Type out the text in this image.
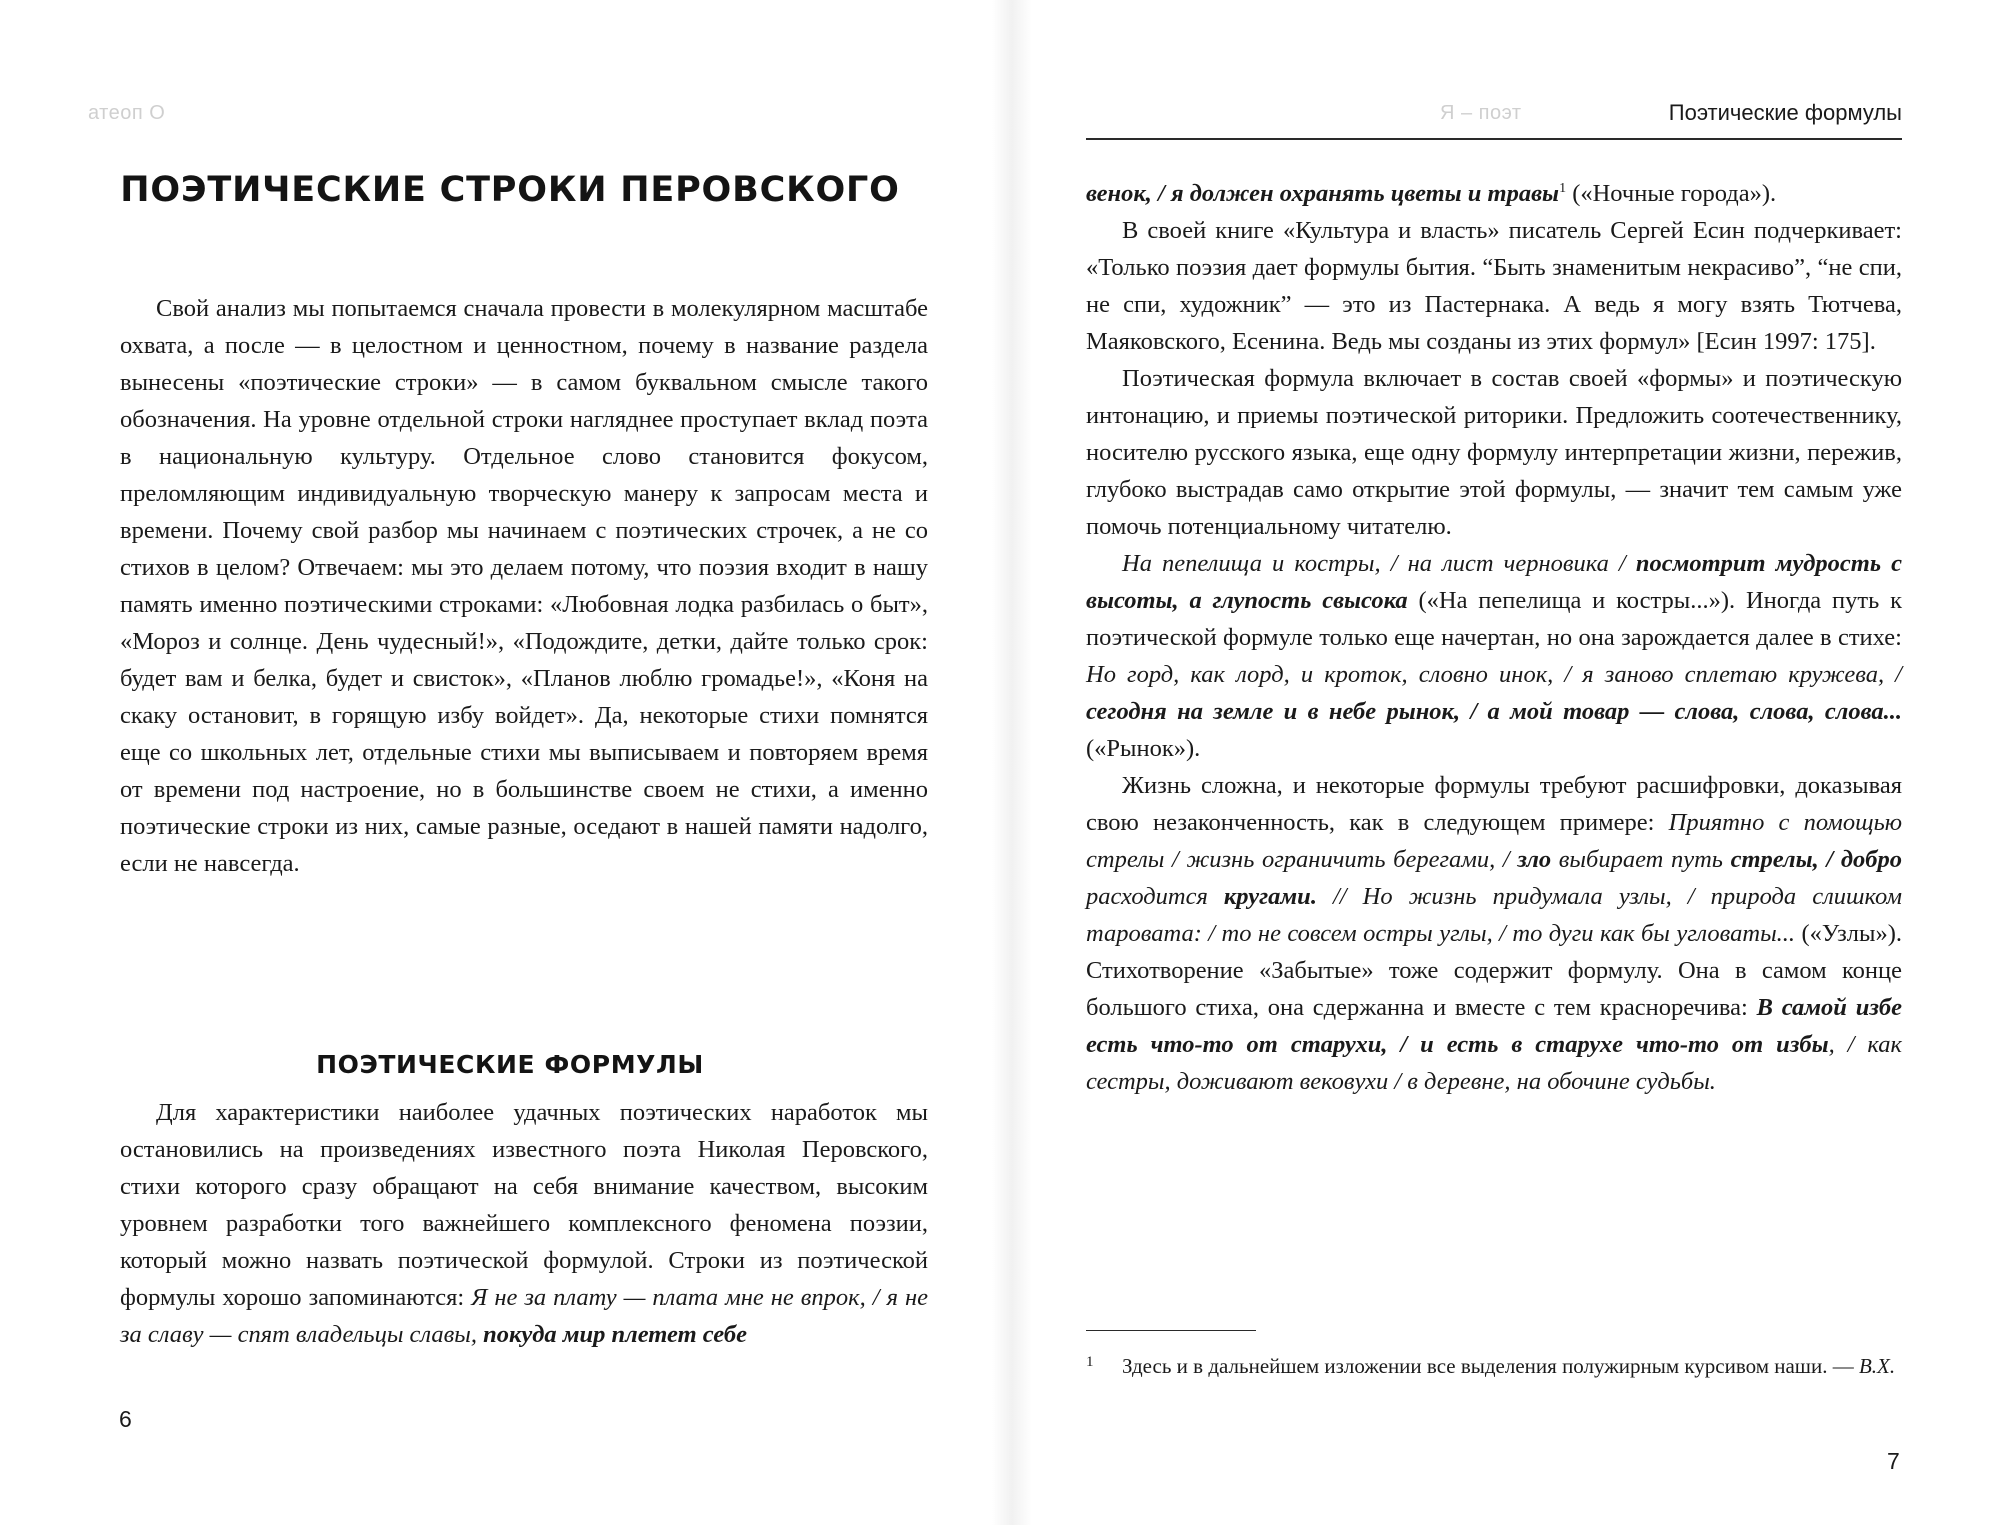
атеоп О
ПОЭТИЧЕСКИЕ СТРОКИ ПЕРОВСКОГО

Свой анализ мы попытаемся сначала провести в молекулярном масштабе охвата, а после — в целостном и ценностном, почему в название раздела вынесены «поэтические строки» — в самом буквальном смысле такого обозначения. На уровне отдельной строки нагляднее проступает вклад поэта в национальную культуру. Отдельное слово становится фокусом, преломляющим индивидуальную творческую манеру к запросам места и времени. Почему свой разбор мы начинаем с поэтических строчек, а не со стихов в целом? Отвечаем: мы это делаем потому, что поэзия входит в нашу память именно поэтическими строками: «Любовная лодка разбилась о быт», «Мороз и солнце. День чудесный!», «Подождите, детки, дайте только срок: будет вам и белка, будет и свисток», «Планов люблю громадье!», «Коня на скаку остановит, в горящую избу войдет». Да, некоторые стихи помнятся еще со школьных лет, отдельные стихи мы выписываем и повторяем время от времени под настроение, но в большинстве своем не стихи, а именно поэтические строки из них, самые разные, оседают в нашей памяти надолго, если не навсегда.

ПОЭТИЧЕСКИЕ ФОРМУЛЫ

Для характеристики наиболее удачных поэтических наработок мы остановились на произведениях известного поэта Николая Перовского, стихи которого сразу обращают на себя внимание качеством, высоким уровнем разработки того важнейшего комплексного феномена поэзии, который можно назвать поэтической формулой. Строки из поэтической формулы хорошо запоминаются: Я не за плату — плата мне не впрок, / я не за славу — спят владельцы славы, покуда мир плетет себе

6
Я – поэт	Поэтические формулы

венок, / я должен охранять цветы и травы$^1$ («Ночные города»).

В своей книге «Культура и власть» писатель Сергей Есин подчеркивает: «Только поэзия дает формулы бытия. “Быть знаменитым некрасиво”, “не спи, не спи, художник” — это из Пастернака. А ведь я могу взять Тютчева, Маяковского, Есенина. Ведь мы созданы из этих формул» [Есин 1997: 175].

Поэтическая формула включает в состав своей «формы» и поэтическую интонацию, и приемы поэтической риторики. Предложить соотечественнику, носителю русского языка, еще одну формулу интерпретации жизни, пережив, глубоко выстрадав само открытие этой формулы, — значит тем самым уже помочь потенциальному читателю.

На пепелища и костры, / на лист черновика / посмотрит мудрость с высоты, а глупость свысока («На пепелища и костры...»). Иногда путь к поэтической формуле только еще начертан, но она зарождается далее в стихе: Но горд, как лорд, и кроток, словно инок, / я заново сплетаю кружева, / сегодня на земле и в небе рынок, / а мой товар — слова, слова, слова... («Рынок»).

Жизнь сложна, и некоторые формулы требуют расшифровки, доказывая свою незаконченность, как в следующем примере: Приятно с помощью стрелы / жизнь ограничить берегами, / зло выбирает путь стрелы, / добро расходится кругами. // Но жизнь придумала узлы, / природа слишком таровата: / то не совсем остры углы, / то дуги как бы угловаты... («Узлы»). Стихотворение «Забытые» тоже содержит формулу. Она в самом конце большого стиха, она сдержанна и вместе с тем красноречива: В самой избе есть что-то от старухи, / и есть в старухе что-то от избы, / как сестры, доживают вековухи / в деревне, на обочине судьбы.

1	Здесь и в дальнейшем изложении все выделения полужирным курсивом наши. — В.Х.
7
